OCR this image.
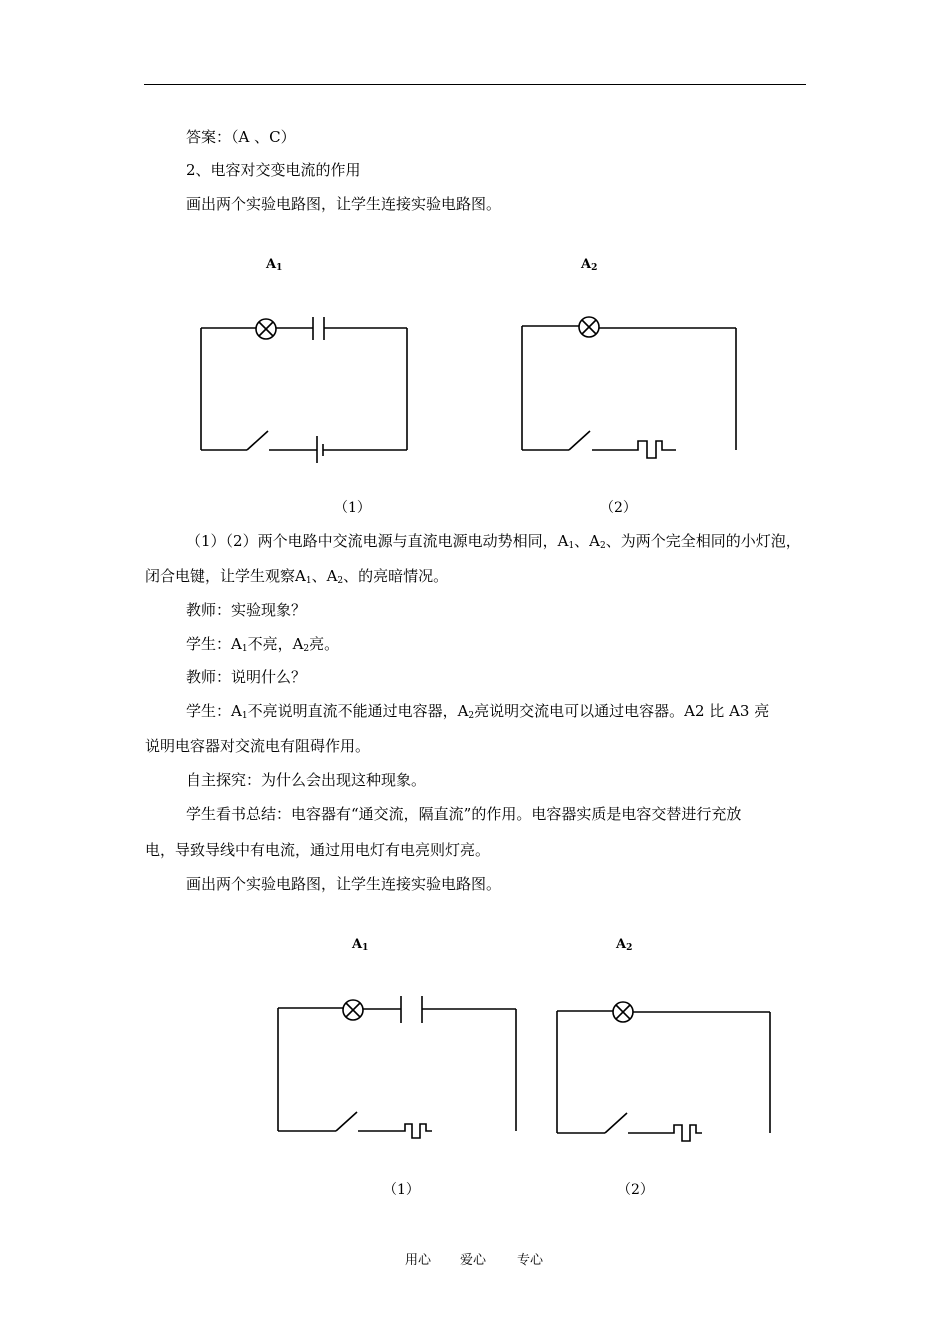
答案：（A 、C）
2、电容对交变电流的作用
画出两个实验电路图，让学生连接实验电路图。
$A_1$	$A_2$
（1）	（2）
（1）（2）两个电路中交流电源与直流电源电动势相同，$A_1$、$A_2$、为两个完全相同的小灯泡，
闭合电键，让学生观察$A_1$、$A_2$、的亮暗情况。
教师：实验现象？
学生：$A_1$不亮，$A_2$亮。
教师：说明什么？
学生：$A_1$不亮说明直流不能通过电容器，$A_2$亮说明交流电可以通过电容器。A2 比 A3 亮
说明电容器对交流电有阻碍作用。
自主探究：为什么会出现这种现象。
学生看书总结：电容器有“通交流，隔直流”的作用。电容器实质是电容交替进行充放
电，导致导线中有电流，通过用电灯有电亮则灯亮。
画出两个实验电路图，让学生连接实验电路图。
$A_1$	$A_2$
（1）	（2）
用心 爱心 专心
